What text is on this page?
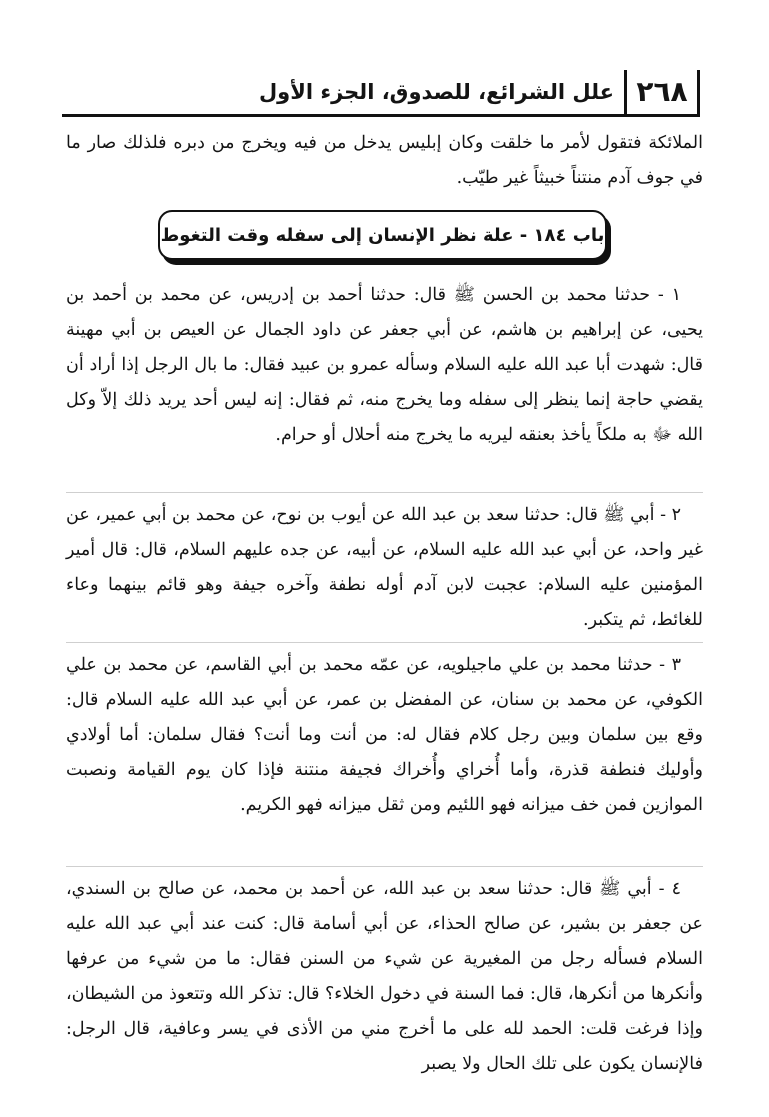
٢٦٨
علل الشرائع، للصدوق، الجزء الأول

الملائكة فتقول لأمر ما خلقت وكان إبليس يدخل من فيه ويخرج من دبره فلذلك صار ما في جوف آدم منتناً خبيثاً غير طيّب.

باب ١٨٤ - علة نظر الإنسان إلى سفله وقت التغوط

١ - حدثنا محمد بن الحسن ﷺ قال: حدثنا أحمد بن إدريس، عن محمد بن أحمد بن يحيى، عن إبراهيم بن هاشم، عن أبي جعفر عن داود الجمال عن العيص بن أبي مهينة قال: شهدت أبا عبد الله عليه السلام وسأله عمرو بن عبيد فقال: ما بال الرجل إذا أراد أن يقضي حاجة إنما ينظر إلى سفله وما يخرج منه، ثم فقال: إنه ليس أحد يريد ذلك إلاّ وكل الله ﷻ به ملكاً يأخذ بعنقه ليريه ما يخرج منه أحلال أو حرام.

٢ - أبي ﷺ قال: حدثنا سعد بن عبد الله عن أيوب بن نوح، عن محمد بن أبي عمير، عن غير واحد، عن أبي عبد الله عليه السلام، عن أبيه، عن جده عليهم السلام، قال: قال أمير المؤمنين عليه السلام: عجبت لابن آدم أوله نطفة وآخره جيفة وهو قائم بينهما وعاء للغائط، ثم يتكبر.

٣ - حدثنا محمد بن علي ماجيلويه، عن عمّه محمد بن أبي القاسم، عن محمد بن علي الكوفي، عن محمد بن سنان، عن المفضل بن عمر، عن أبي عبد الله عليه السلام قال: وقع بين سلمان وبين رجل كلام فقال له: من أنت وما أنت؟ فقال سلمان: أما أولادي وأوليك فنطفة قذرة، وأما أُخراي وأُخراك فجيفة منتنة فإذا كان يوم القيامة ونصبت الموازين فمن خف ميزانه فهو اللئيم ومن ثقل ميزانه فهو الكريم.

٤ - أبي ﷺ قال: حدثنا سعد بن عبد الله، عن أحمد بن محمد، عن صالح بن السندي، عن جعفر بن بشير، عن صالح الحذاء، عن أبي أسامة قال: كنت عند أبي عبد الله عليه السلام فسأله رجل من المغيرية عن شيء من السنن فقال: ما من شيء من عرفها وأنكرها من أنكرها، قال: فما السنة في دخول الخلاء؟ قال: تذكر الله وتتعوذ من الشيطان، وإذا فرغت قلت: الحمد لله على ما أخرج مني من الأذى في يسر وعافية، قال الرجل: فالإنسان يكون على تلك الحال ولا يصبر
